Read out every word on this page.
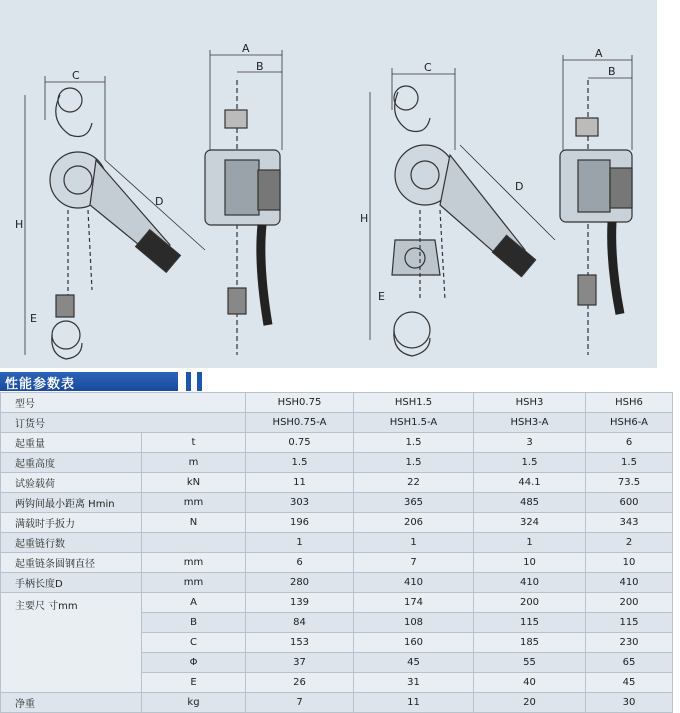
C
A
B
H
D
E
C
A
B
H
D
E
性能参数表
型号		HSH0.75	HSH1.5	HSH3	HSH6
订货号		HSH0.75-A	HSH1.5-A	HSH3-A	HSH6-A
起重量	t	0.75	1.5	3	6
起重高度	m	1.5	1.5	1.5	1.5
试验载荷	kN	11	22	44.1	73.5
两钩间最小距离 Hmin	mm	303	365	485	600
满载时手扳力	N	196	206	324	343
起重链行数		1	1	1	2
起重链条圆钢直径	mm	6	7	10	10
手柄长度D	mm	280	410	410	410
主要尺 寸mm	A	139	174	200	200
	B	84	108	115	115
	C	153	160	185	230
	Φ	37	45	55	65
	E	26	31	40	45
净重	kg	7	11	20	30
